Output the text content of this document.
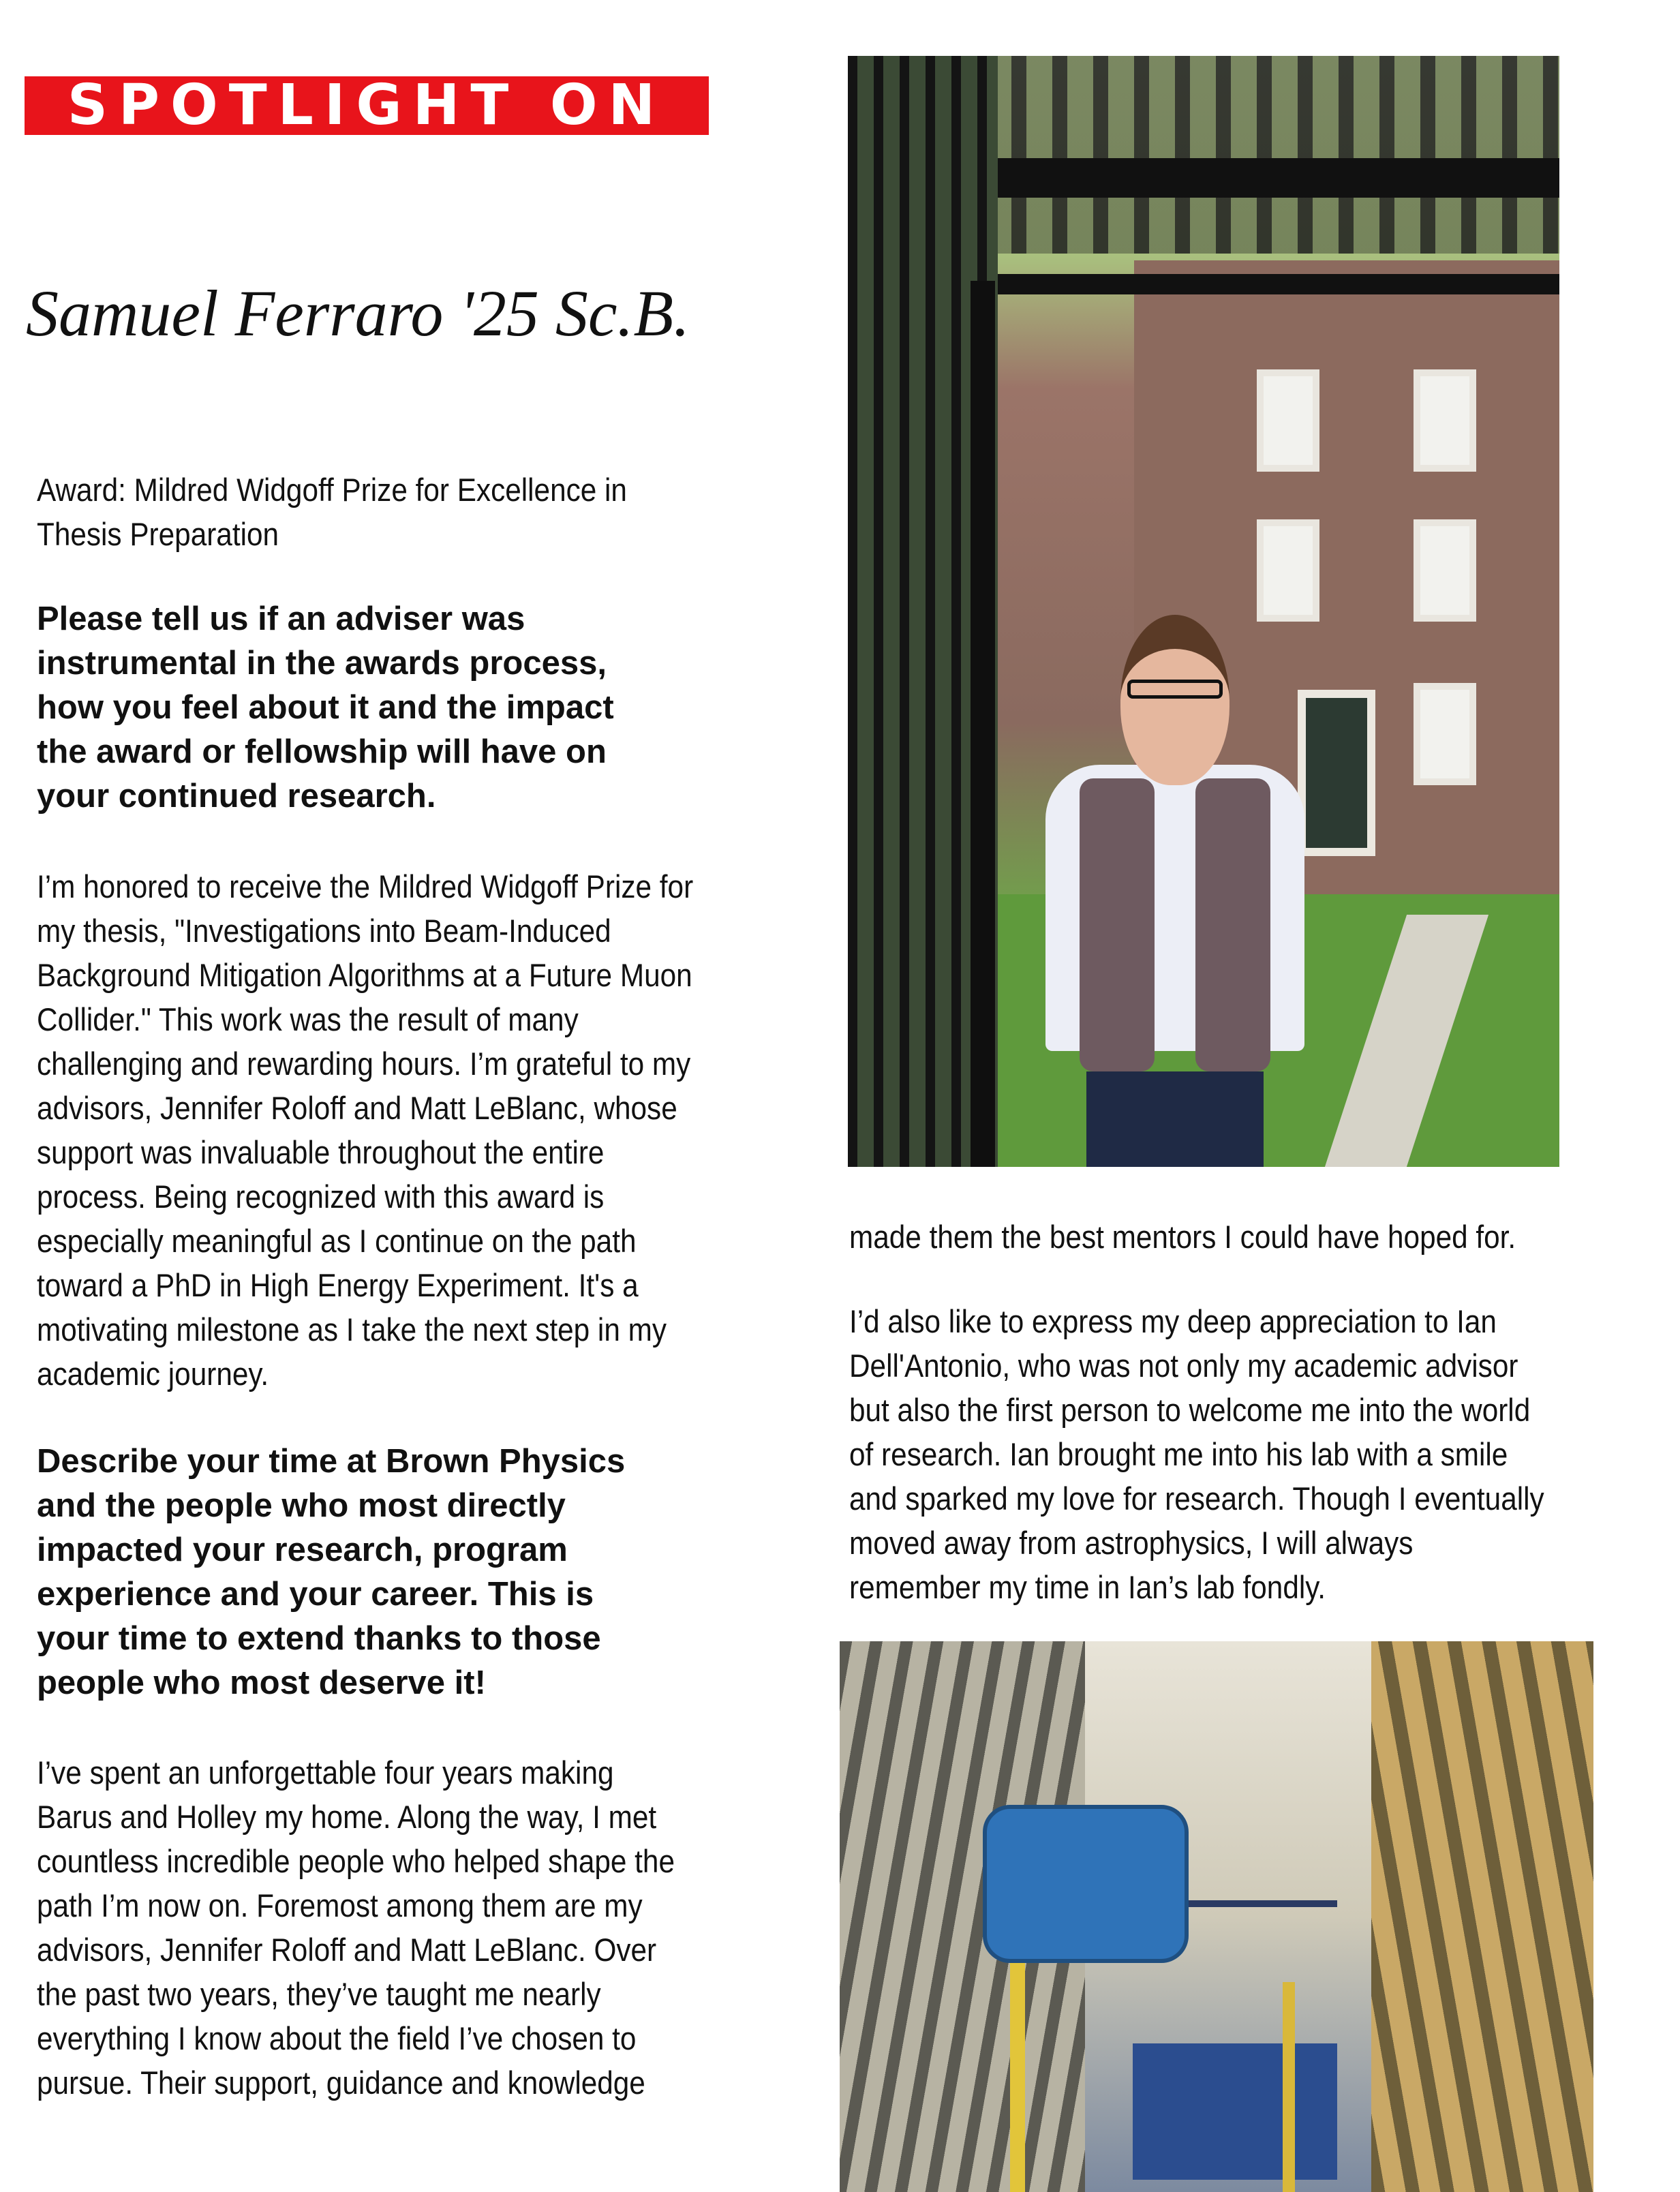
SPOTLIGHT ON
Samuel Ferraro '25 Sc.B.
Award: Mildred Widgoff Prize for Excellence in
Thesis Preparation
Please tell us if an adviser was
instrumental in the awards process,
how you feel about it and the impact
the award or fellowship will have on
your continued research.
I’m honored to receive the Mildred Widgoff Prize for
my thesis, "Investigations into Beam-Induced
Background Mitigation Algorithms at a Future Muon
Collider." This work was the result of many
challenging and rewarding hours. I’m grateful to my
advisors, Jennifer Roloff and Matt LeBlanc, whose
support was invaluable throughout the entire
process. Being recognized with this award is
especially meaningful as I continue on the path
toward a PhD in High Energy Experiment. It's a
motivating milestone as I take the next step in my
academic journey.
Describe your time at Brown Physics
and the people who most directly
impacted your research, program
experience and your career. This is
your time to extend thanks to those
people who most deserve it!
I’ve spent an unforgettable four years making
Barus and Holley my home. Along the way, I met
countless incredible people who helped shape the
path I’m now on. Foremost among them are my
advisors, Jennifer Roloff and Matt LeBlanc. Over
the past two years, they’ve taught me nearly
everything I know about the field I’ve chosen to
pursue. Their support, guidance and knowledge
made them the best mentors I could have hoped for.
I’d also like to express my deep appreciation to Ian
Dell'Antonio, who was not only my academic advisor
but also the first person to welcome me into the world
of research. Ian brought me into his lab with a smile
and sparked my love for research. Though I eventually
moved away from astrophysics, I will always
remember my time in Ian’s lab fondly.
